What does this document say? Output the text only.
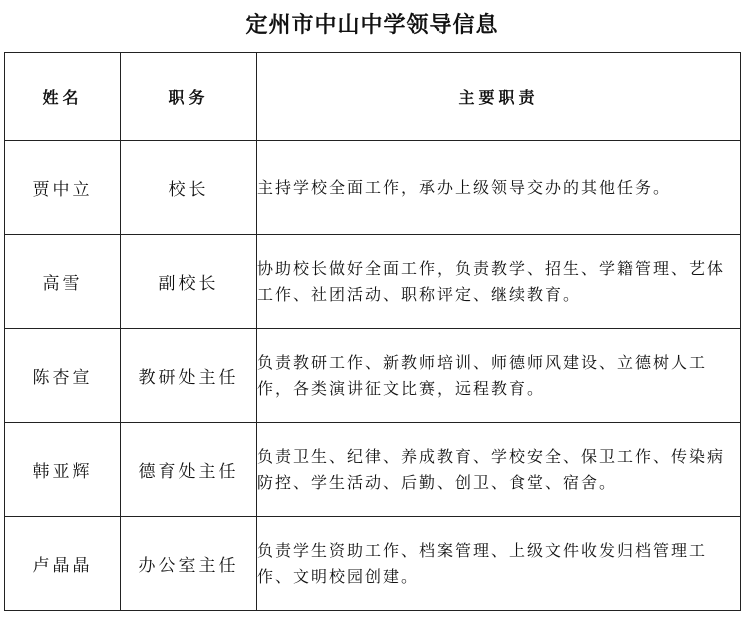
定州市中山中学领导信息
姓名	职务	主要职责
贾中立	校长	主持学校全面工作，承办上级领导交办的其他任务。
高雪	副校长	协助校长做好全面工作，负责教学、招生、学籍管理、艺体工作、社团活动、职称评定、继续教育。
陈杏宣	教研处主任	负责教研工作、新教师培训、师德师风建设、立德树人工作，各类演讲征文比赛，远程教育。
韩亚辉	德育处主任	负责卫生、纪律、养成教育、学校安全、保卫工作、传染病防控、学生活动、后勤、创卫、食堂、宿舍。
卢晶晶	办公室主任	负责学生资助工作、档案管理、上级文件收发归档管理工作、文明校园创建。
